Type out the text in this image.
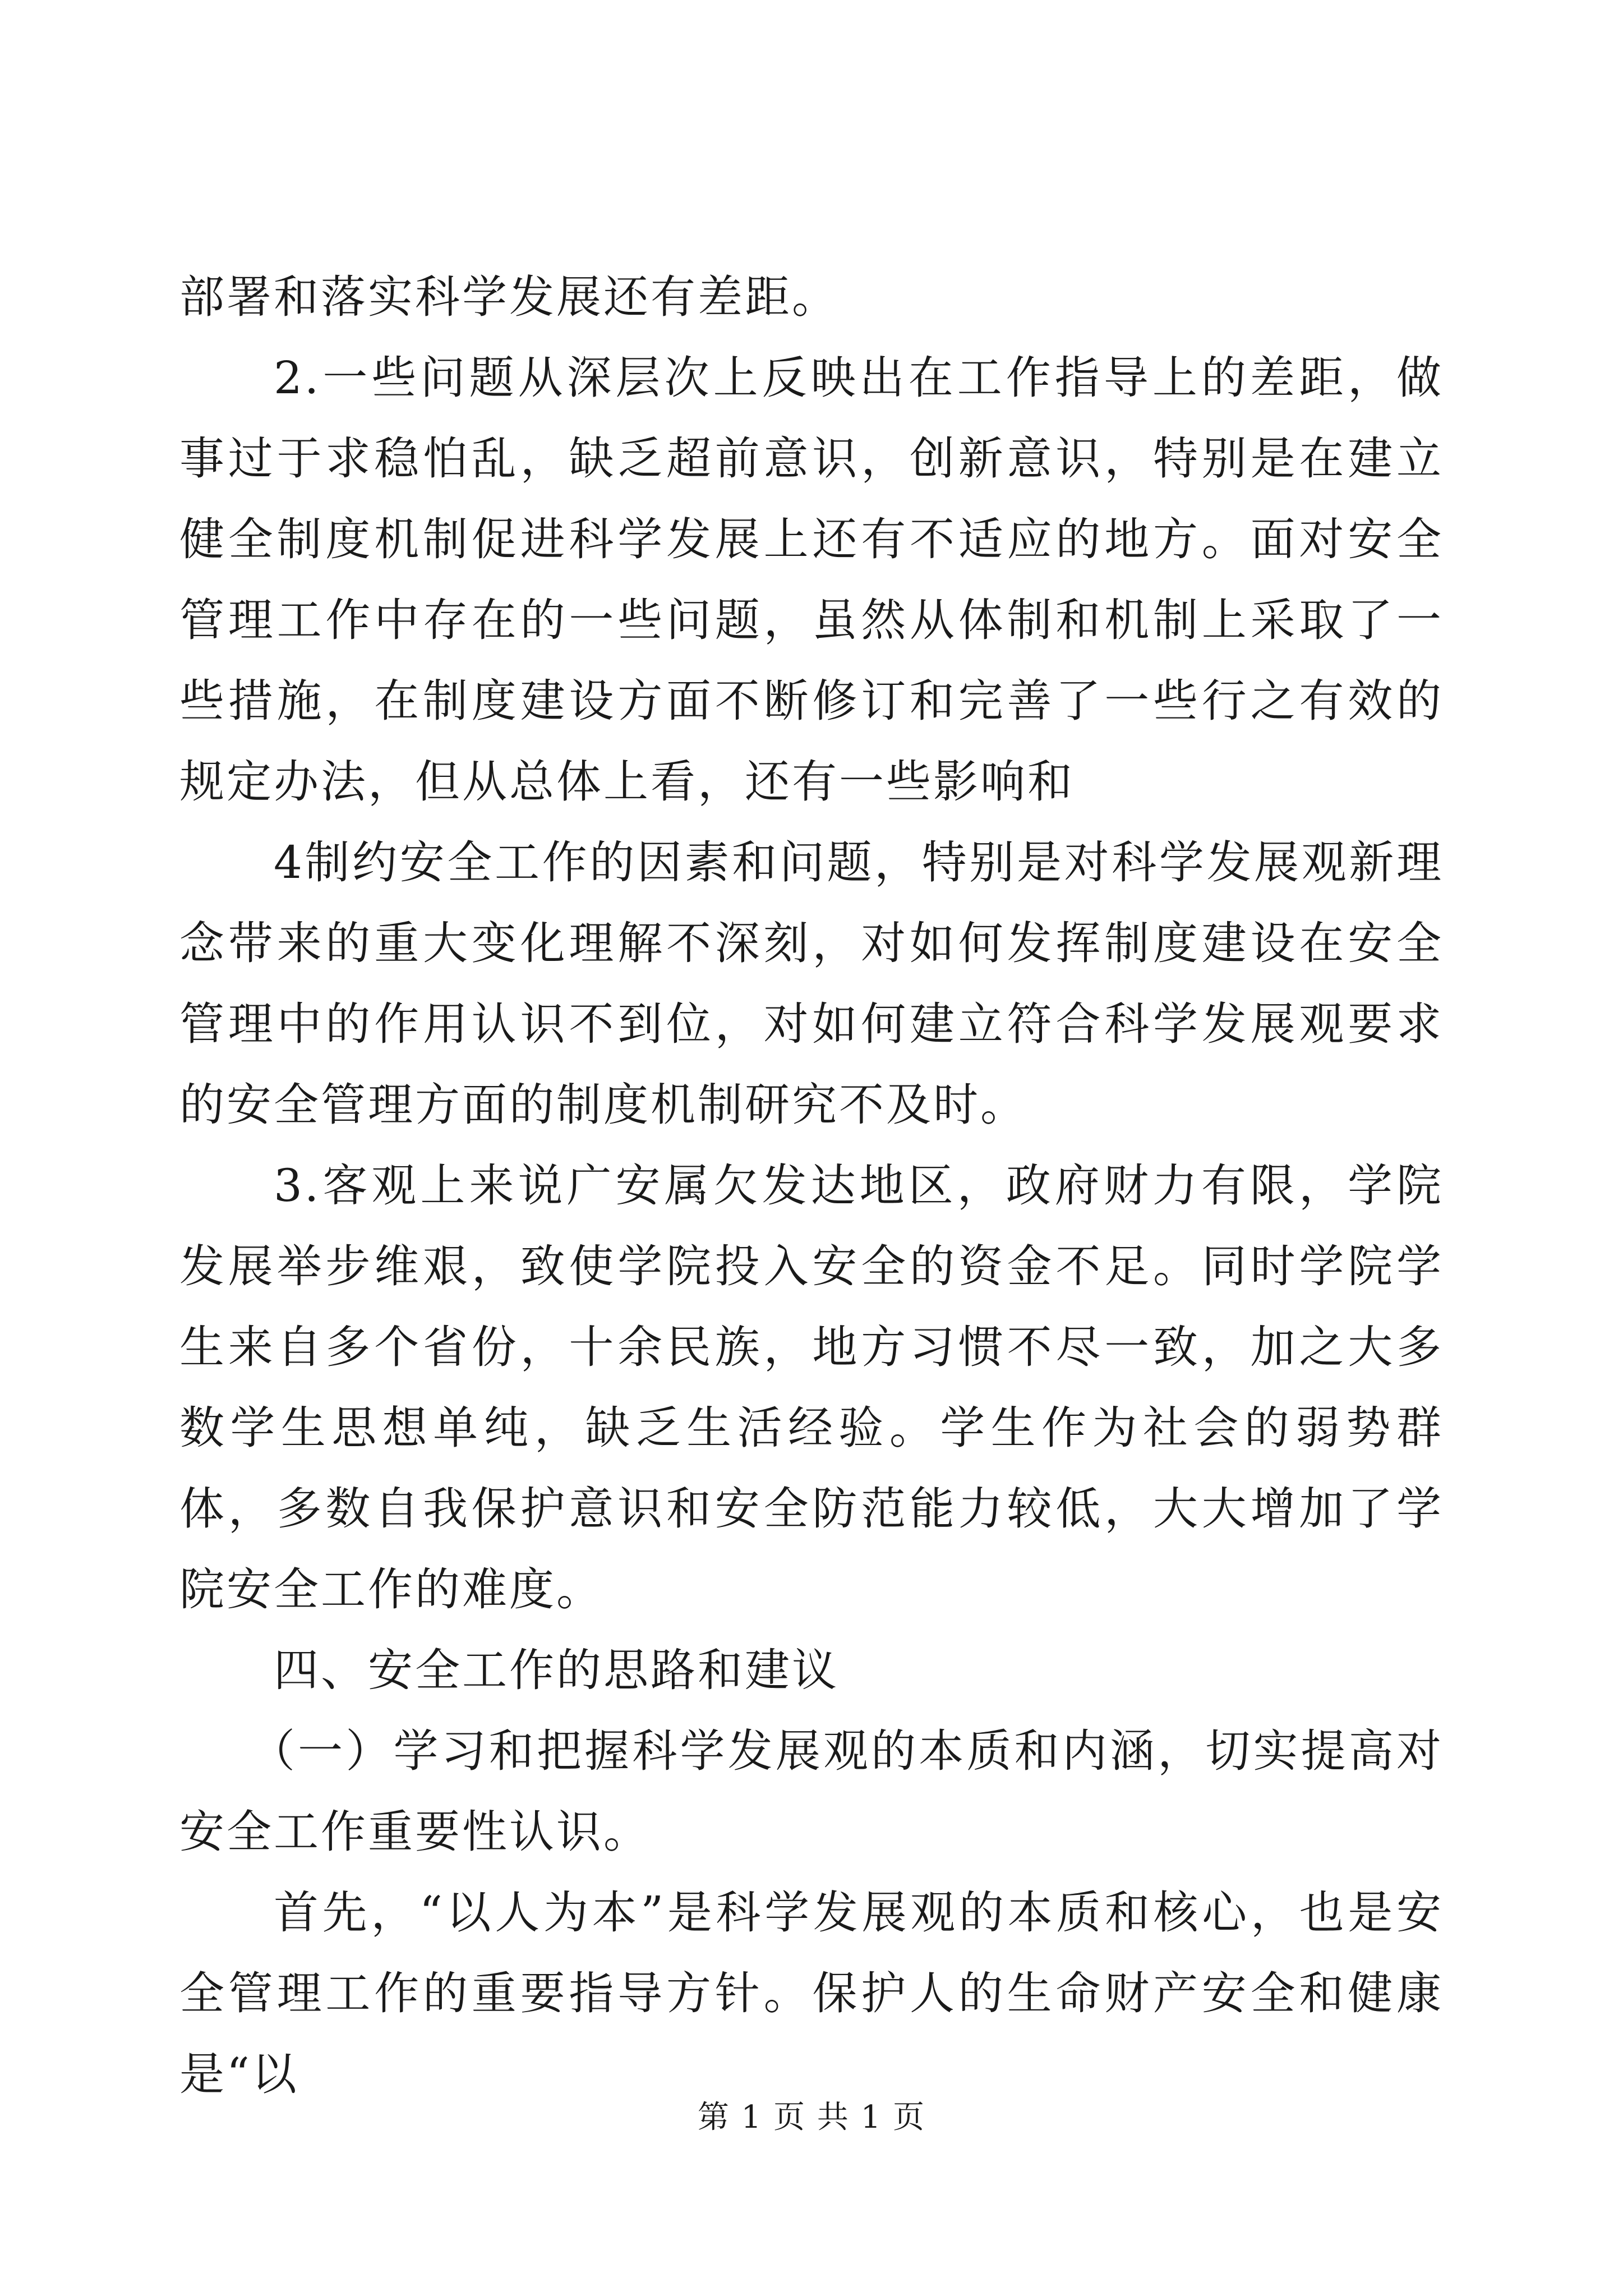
部署和落实科学发展还有差距。

2.一些问题从深层次上反映出在工作指导上的差距，做事过于求稳怕乱，缺乏超前意识，创新意识，特别是在建立健全制度机制促进科学发展上还有不适应的地方。面对安全管理工作中存在的一些问题，虽然从体制和机制上采取了一些措施，在制度建设方面不断修订和完善了一些行之有效的规定办法，但从总体上看，还有一些影响和

4制约安全工作的因素和问题，特别是对科学发展观新理念带来的重大变化理解不深刻，对如何发挥制度建设在安全管理中的作用认识不到位，对如何建立符合科学发展观要求的安全管理方面的制度机制研究不及时。

3.客观上来说广安属欠发达地区，政府财力有限，学院发展举步维艰，致使学院投入安全的资金不足。同时学院学生来自多个省份，十余民族，地方习惯不尽一致，加之大多数学生思想单纯，缺乏生活经验。学生作为社会的弱势群体，多数自我保护意识和安全防范能力较低，大大增加了学院安全工作的难度。

四、安全工作的思路和建议

（一）学习和把握科学发展观的本质和内涵，切实提高对安全工作重要性认识。

首先，“以人为本”是科学发展观的本质和核心，也是安全管理工作的重要指导方针。保护人的生命财产安全和健康是“以

第 1 页 共 1 页
